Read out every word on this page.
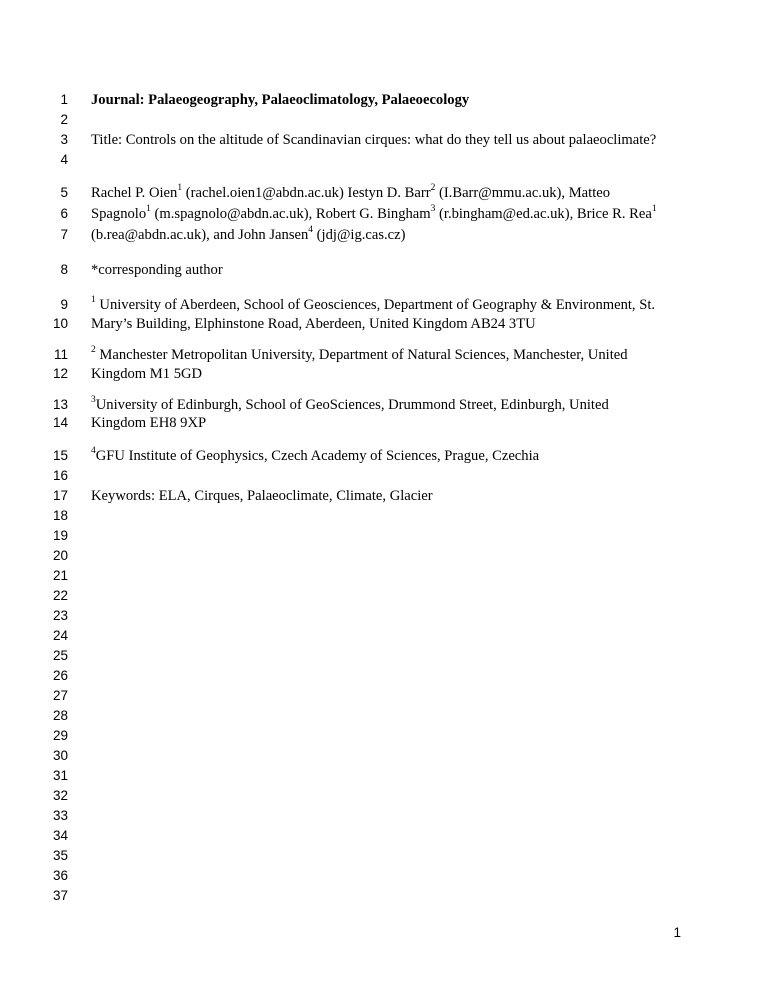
1
2
3
4
5
6
7
8
9
10
11
12
13
14
15
16
17
18
19
20
21
22
23
24
25
26
27
28
29
30
31
32
33
34
35
36
37
Journal: Palaeogeography, Palaeoclimatology, Palaeoecology
Title: Controls on the altitude of Scandinavian cirques: what do they tell us about palaeoclimate?
Rachel P. Oien$^1$ (rachel.oien1@abdn.ac.uk) Iestyn D. Barr$^2$ (I.Barr@mmu.ac.uk), Matteo
Spagnolo$^1$ (m.spagnolo@abdn.ac.uk), Robert G. Bingham$^3$ (r.bingham@ed.ac.uk), Brice R. Rea$^1$
(b.rea@abdn.ac.uk), and John Jansen$^4$ (jdj@ig.cas.cz)
*corresponding author
$^1$ University of Aberdeen, School of Geosciences, Department of Geography & Environment, St.
Mary’s Building, Elphinstone Road, Aberdeen, United Kingdom AB24 3TU
$^2$ Manchester Metropolitan University, Department of Natural Sciences, Manchester, United
Kingdom M1 5GD
$^3$University of Edinburgh, School of GeoSciences, Drummond Street, Edinburgh, United
Kingdom EH8 9XP
$^4$GFU Institute of Geophysics, Czech Academy of Sciences, Prague, Czechia
Keywords: ELA, Cirques, Palaeoclimate, Climate, Glacier
1
